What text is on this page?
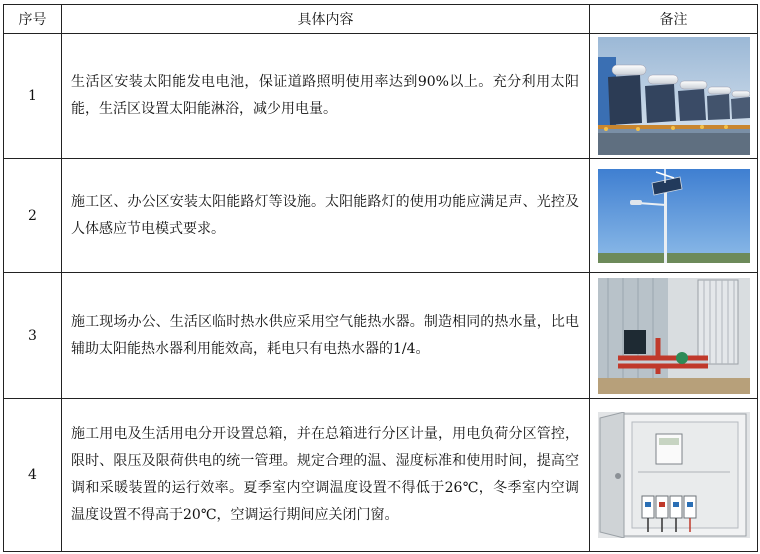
序号	具体内容	备注
1	生活区安装太阳能发电电池，保证道路照明使用率达到90%以上。充分利用太阳能，生活区设置太阳能淋浴，减少用电量。	

2	施工区、办公区安装太阳能路灯等设施。太阳能路灯的使用功能应满足声、光控及人体感应节电模式要求。	

3	施工现场办公、生活区临时热水供应采用空气能热水器。制造相同的热水量，比电辅助太阳能热水器利用能效高，耗电只有电热水器的1/4。	

4	施工用电及生活用电分开设置总箱，并在总箱进行分区计量，用电负荷分区管控，限时、限压及限荷供电的统一管理。规定合理的温、湿度标准和使用时间，提高空调和采暖装置的运行效率。夏季室内空调温度设置不得低于26℃，冬季室内空调温度设置不得高于20℃，空调运行期间应关闭门窗。	
